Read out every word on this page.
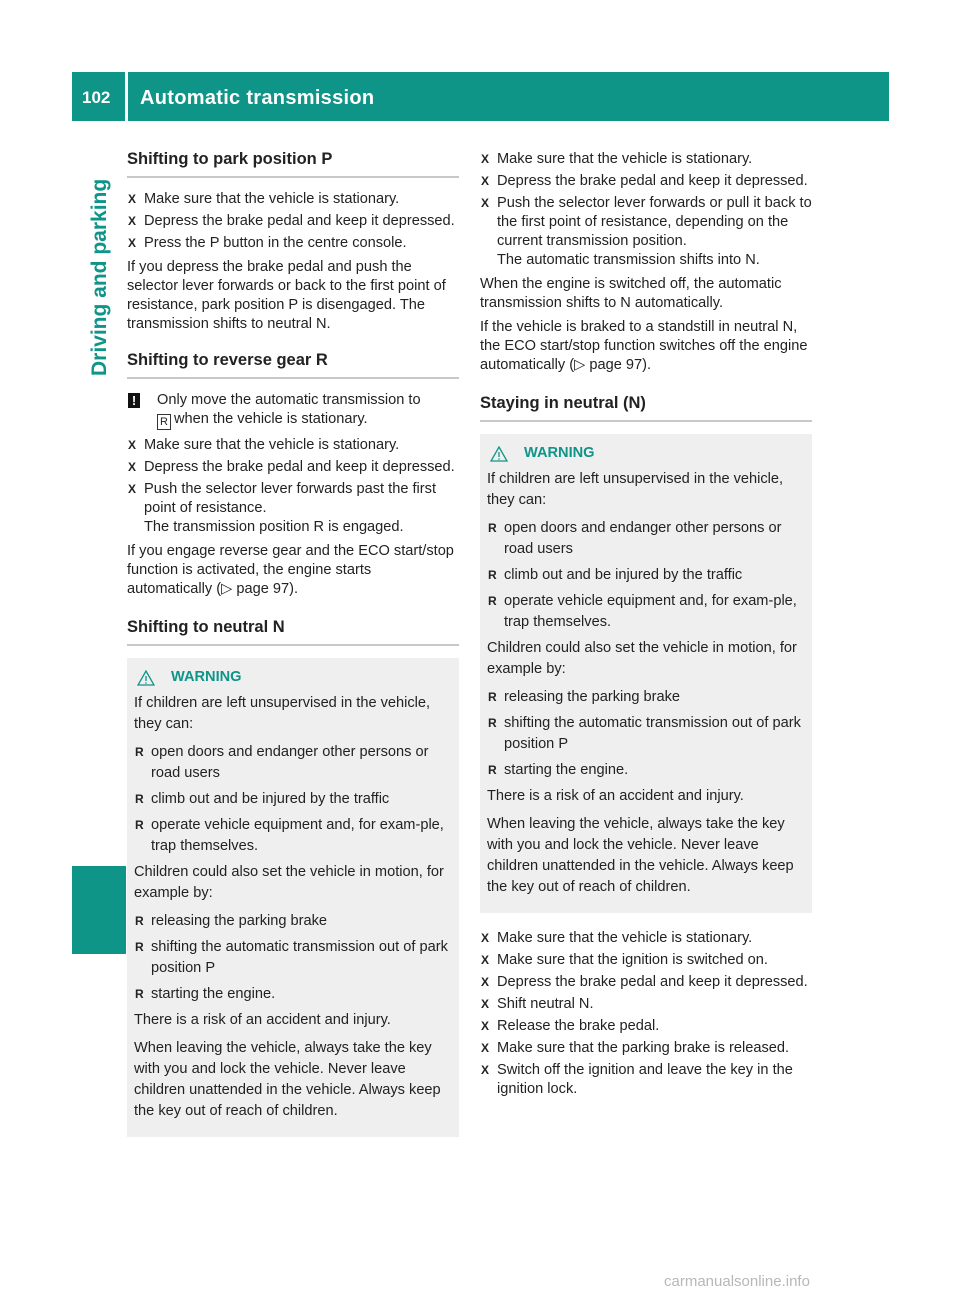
102 Automatic transmission
Driving and parking
Shifting to park position P
X Make sure that the vehicle is stationary.
X Depress the brake pedal and keep it depressed.
X Press the P button in the centre console.

If you depress the brake pedal and push the selector lever forwards or back to the first point of resistance, park position P is disengaged. The transmission shifts to neutral N.

Shifting to reverse gear R
! Only move the automatic transmission to
R when the vehicle is stationary.
X Make sure that the vehicle is stationary.
X Depress the brake pedal and keep it depressed.
X Push the selector lever forwards past the first point of resistance.
The transmission position R is engaged.

If you engage reverse gear and the ECO start/stop function is activated, the engine starts automatically (▷ page 97).

Shifting to neutral N
WARNING

If children are left unsupervised in the vehicle, they can:

R open doors and endanger other persons or road users
R climb out and be injured by the traffic
R operate vehicle equipment and, for exam-ple, trap themselves.

Children could also set the vehicle in motion, for example by:

R releasing the parking brake
R shifting the automatic transmission out of park position P
R starting the engine.

There is a risk of an accident and injury.

When leaving the vehicle, always take the key with you and lock the vehicle. Never leave children unattended in the vehicle. Always keep the key out of reach of children.

X Make sure that the vehicle is stationary.
X Depress the brake pedal and keep it depressed.
X Push the selector lever forwards or pull it back to the first point of resistance, depending on the current transmission position.
The automatic transmission shifts into N.

When the engine is switched off, the automatic transmission shifts to N automatically.

If the vehicle is braked to a standstill in neutral N, the ECO start/stop function switches off the engine automatically (▷ page 97).

Staying in neutral (N)
WARNING

If children are left unsupervised in the vehicle, they can:

R open doors and endanger other persons or road users
R climb out and be injured by the traffic
R operate vehicle equipment and, for exam-ple, trap themselves.

Children could also set the vehicle in motion, for example by:

R releasing the parking brake
R shifting the automatic transmission out of park position P
R starting the engine.

There is a risk of an accident and injury.

When leaving the vehicle, always take the key with you and lock the vehicle. Never leave children unattended in the vehicle. Always keep the key out of reach of children.

X Make sure that the vehicle is stationary.
X Make sure that the ignition is switched on.
X Depress the brake pedal and keep it depressed.
X Shift neutral N.
X Release the brake pedal.
X Make sure that the parking brake is released.
X Switch off the ignition and leave the key in the ignition lock.
carmanualsonline.info
